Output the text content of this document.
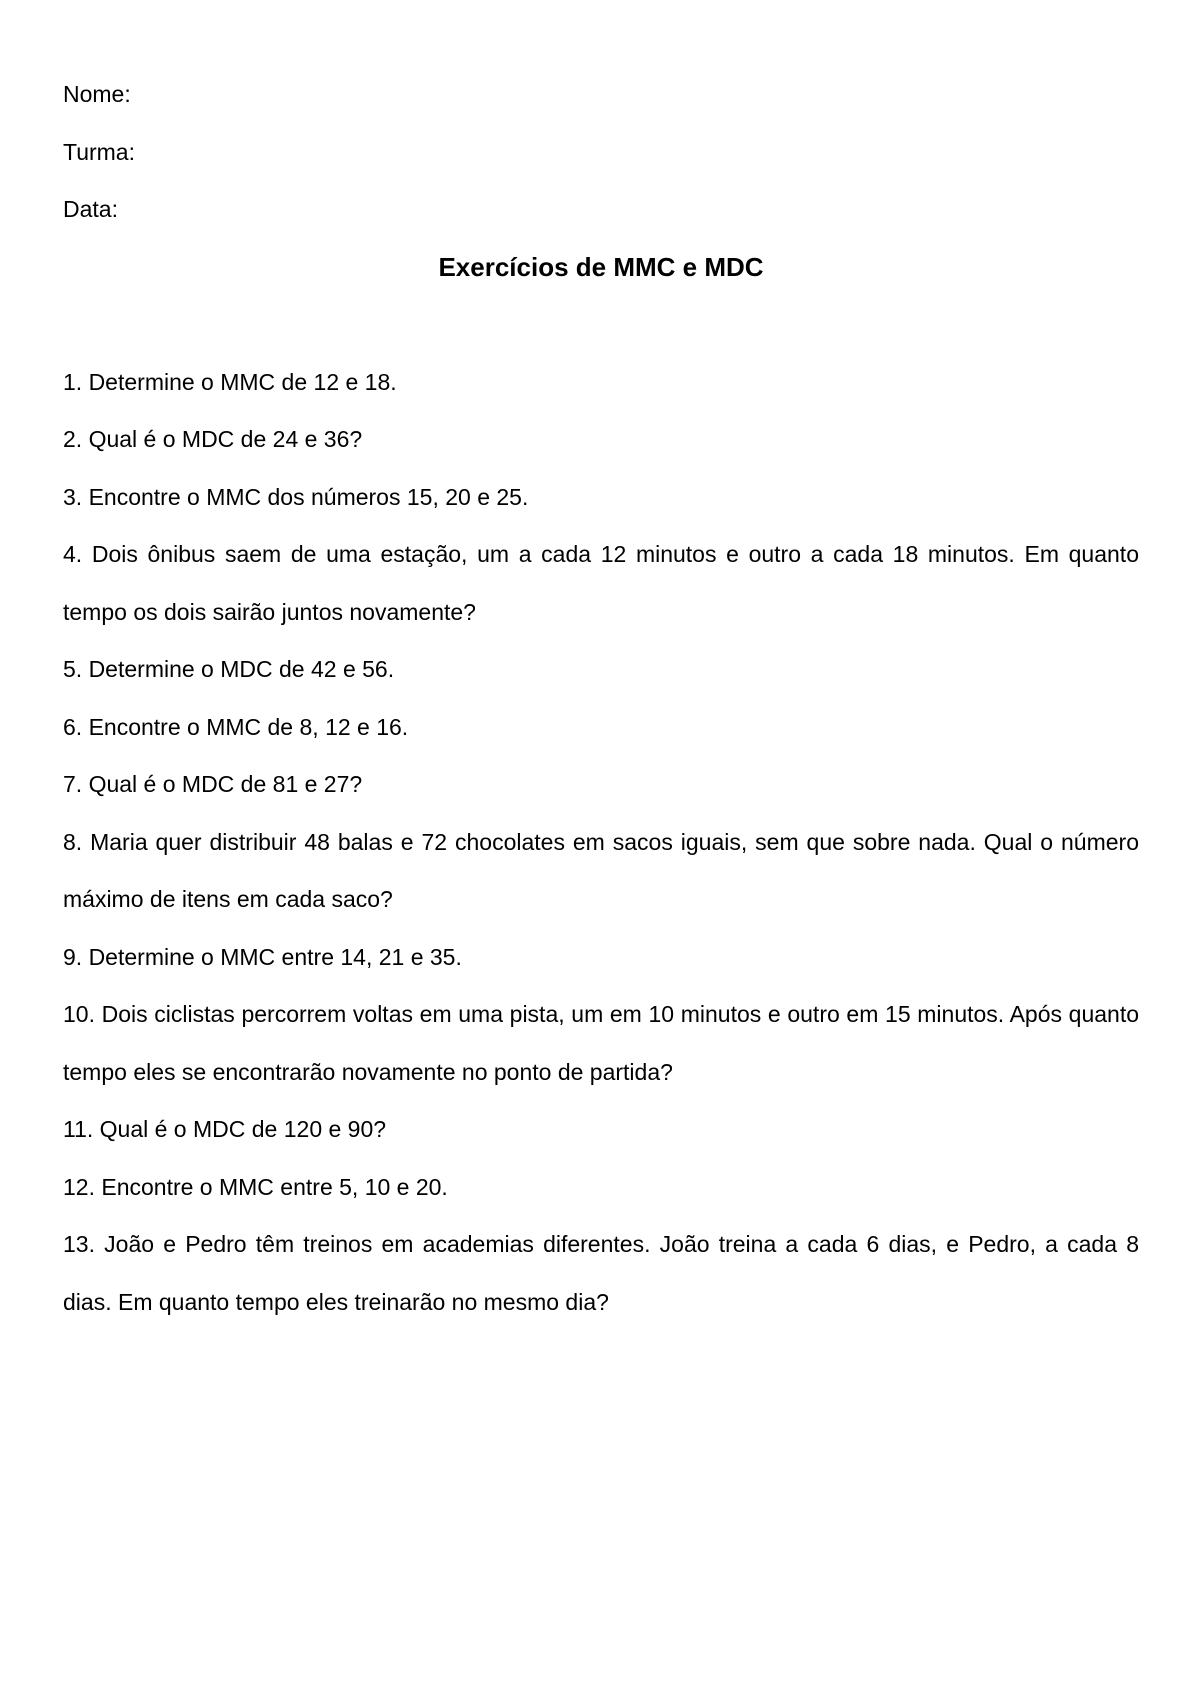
Nome:

Turma:

Data:

Exercícios de MMC e MDC

1. Determine o MMC de 12 e 18.

2. Qual é o MDC de 24 e 36?

3. Encontre o MMC dos números 15, 20 e 25.

4. Dois ônibus saem de uma estação, um a cada 12 minutos e outro a cada 18 minutos. Em quanto tempo os dois sairão juntos novamente?

5. Determine o MDC de 42 e 56.

6. Encontre o MMC de 8, 12 e 16.

7. Qual é o MDC de 81 e 27?

8. Maria quer distribuir 48 balas e 72 chocolates em sacos iguais, sem que sobre nada. Qual o número máximo de itens em cada saco?

9. Determine o MMC entre 14, 21 e 35.

10. Dois ciclistas percorrem voltas em uma pista, um em 10 minutos e outro em 15 minutos. Após quanto tempo eles se encontrarão novamente no ponto de partida?

11. Qual é o MDC de 120 e 90?

12. Encontre o MMC entre 5, 10 e 20.

13. João e Pedro têm treinos em academias diferentes. João treina a cada 6 dias, e Pedro, a cada 8 dias. Em quanto tempo eles treinarão no mesmo dia?
